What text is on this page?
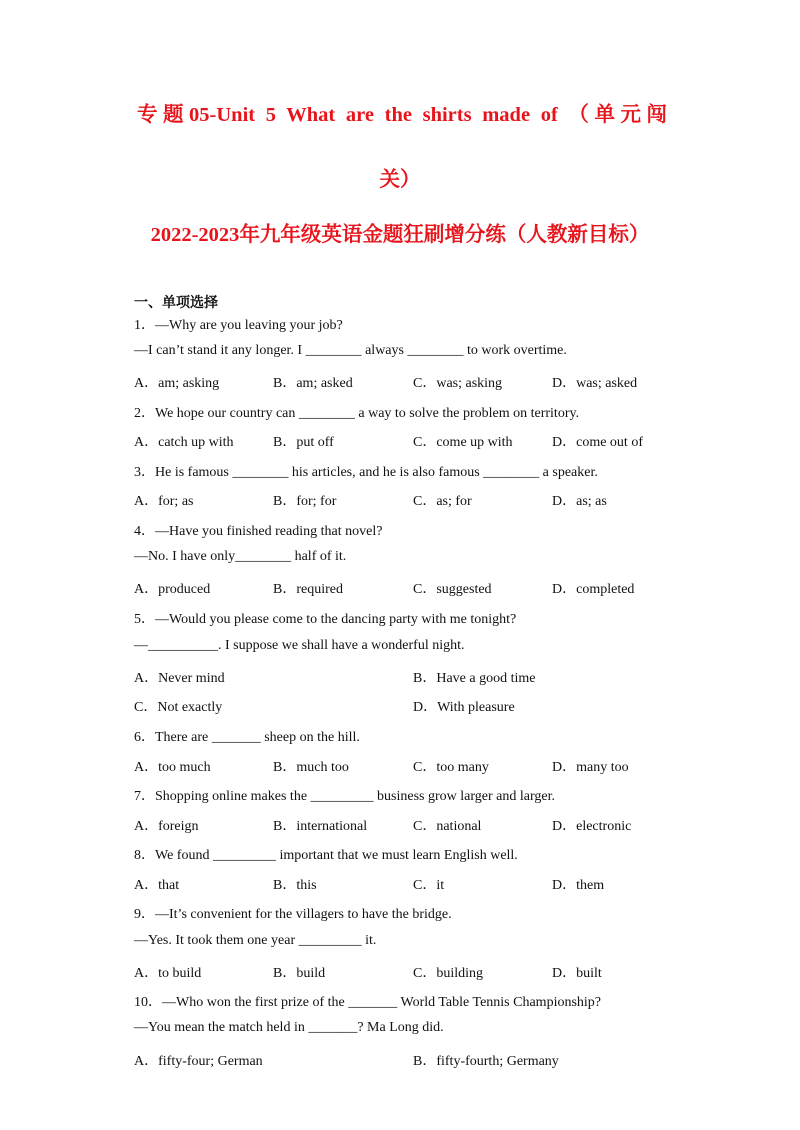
专题05-Unit 5 What are the shirts made of （单元闯
关）
2022-2023年九年级英语金题狂刷增分练（人教新目标）
一、单项选择
1．—Why are you leaving your job?
—I can’t stand it any longer. I ________ always ________ to work overtime.
A．am; asking	B．am; asked	C．was; asking	D．was; asked
2．We hope our country can ________ a way to solve the problem on territory.
A．catch up with	B．put off	C．come up with	D．come out of
3．He is famous ________ his articles, and he is also famous ________ a speaker.
A．for; as	B．for; for	C．as; for	D．as; as
4．—Have you finished reading that novel?
—No. I have only________ half of it.
A．produced	B．required	C．suggested	D．completed
5．—Would you please come to the dancing party with me tonight?
—__________. I suppose we shall have a wonderful night.
A．Never mind	B．Have a good time
C．Not exactly	D．With pleasure
6．There are _______ sheep on the hill.
A．too much	B．much too	C．too many	D．many too
7．Shopping online makes the _________ business grow larger and larger.
A．foreign	B．international	C．national	D．electronic
8．We found _________ important that we must learn English well.
A．that	B．this	C．it	D．them
9．—It’s convenient for the villagers to have the bridge.
—Yes. It took them one year _________ it.
A．to build	B．build	C．building	D．built
10．—Who won the first prize of the _______ World Table Tennis Championship?
—You mean the match held in _______? Ma Long did.
A．fifty-four; German	B．fifty-fourth; Germany
